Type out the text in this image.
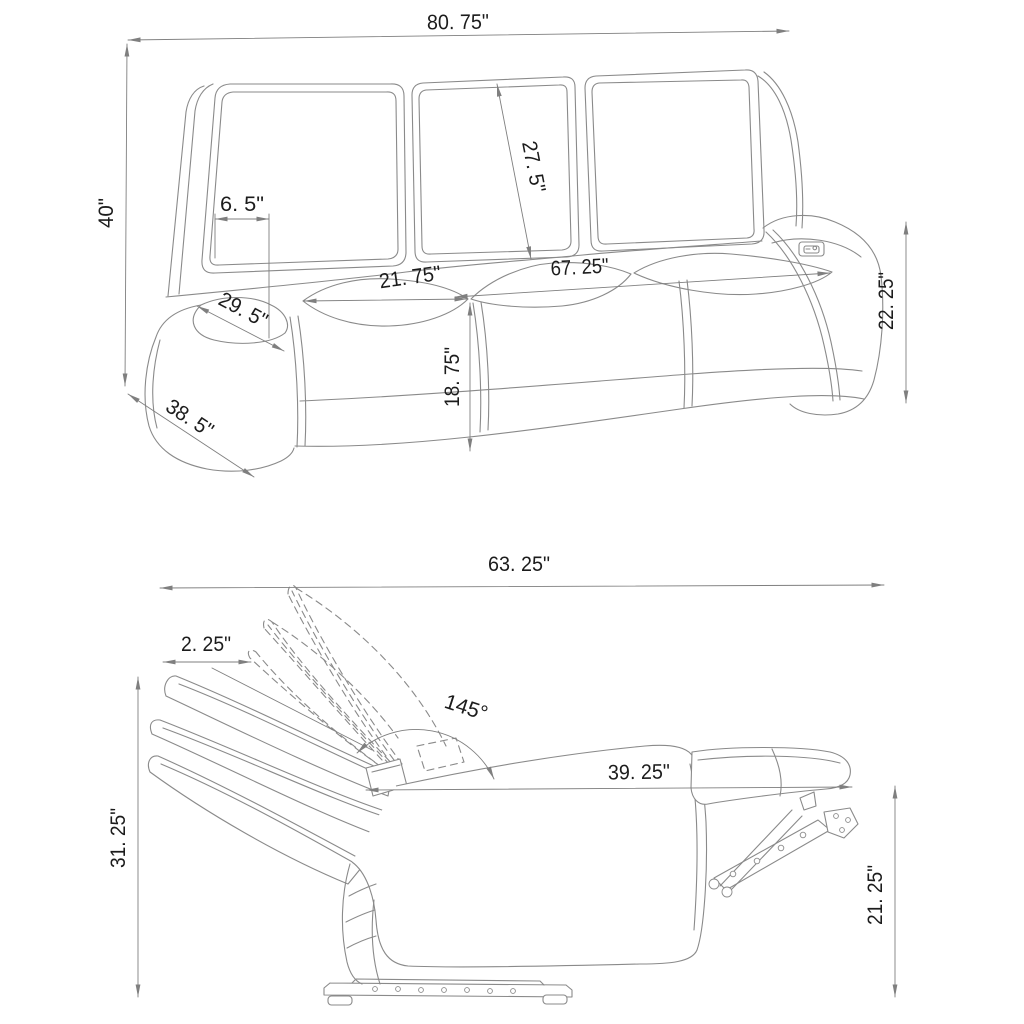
80. 75"
40"	6. 5"
27. 5"
21. 75"	67. 25"
29. 5"
18. 75"
22. 25"
38. 5"
63. 25"
2. 25"
31. 25"
145°
39. 25"
21. 25"
